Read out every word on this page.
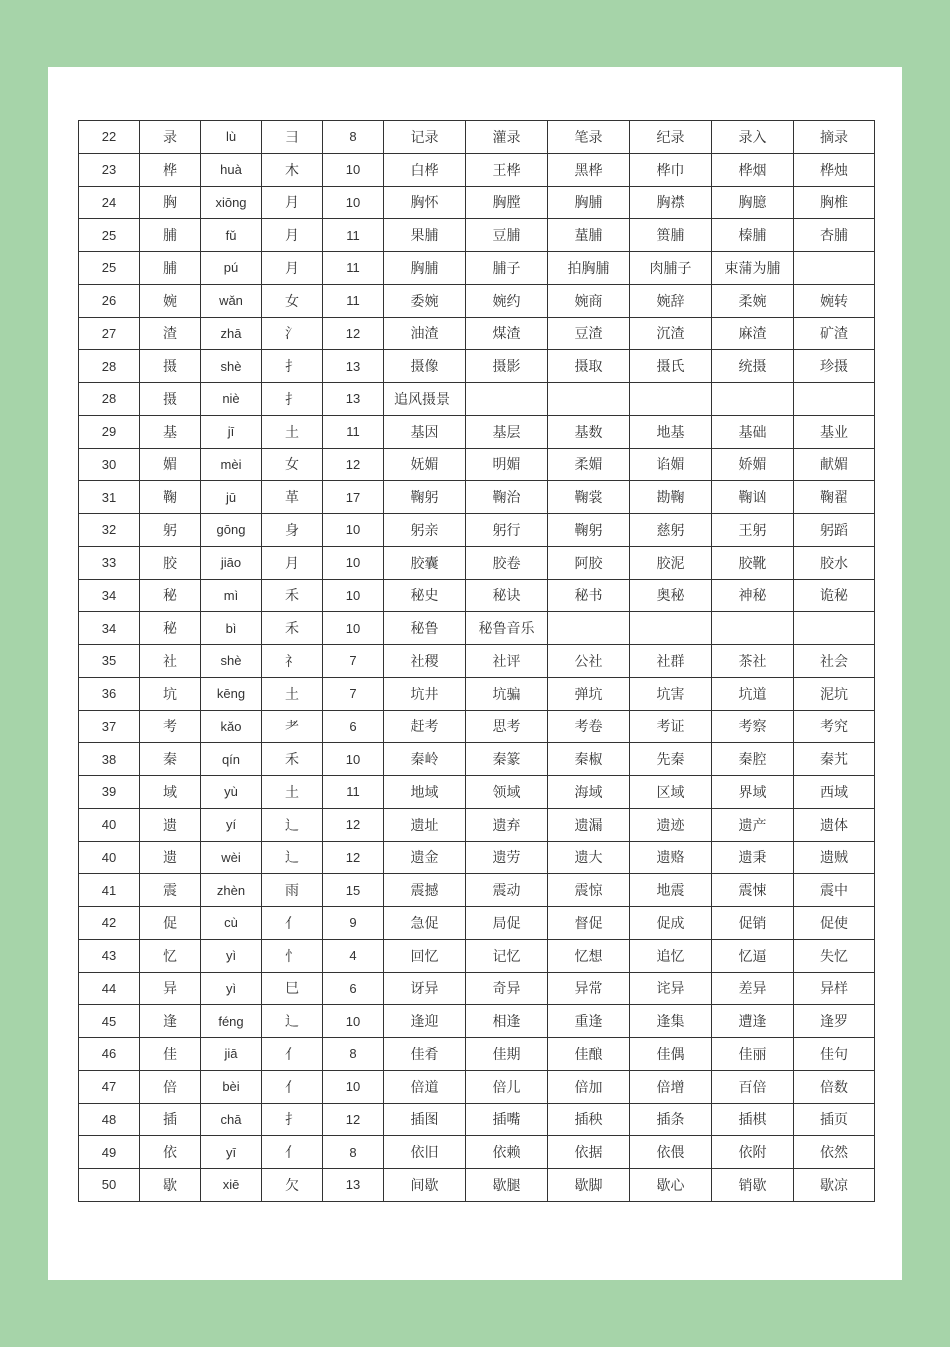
22	录	lù	彐	8	记录	灌录	笔录	纪录	录入	摘录
23	桦	huà	木	10	白桦	王桦	黑桦	桦巾	桦烟	桦烛
24	胸	xiōng	月	10	胸怀	胸膛	胸脯	胸襟	胸臆	胸椎
25	脯	fǔ	月	11	果脯	豆脯	蓳脯	篑脯	榛脯	杏脯
25	脯	pú	月	11	胸脯	脯子	拍胸脯	肉脯子	束蒲为脯	
26	婉	wǎn	女	11	委婉	婉约	婉商	婉辞	柔婉	婉转
27	渣	zhā	氵	12	油渣	煤渣	豆渣	沉渣	麻渣	矿渣
28	摄	shè	扌	13	摄像	摄影	摄取	摄氏	统摄	珍摄
28	摄	niè	扌	13	追风摄景					
29	基	jī	土	11	基因	基层	基数	地基	基础	基业
30	媚	mèi	女	12	妩媚	明媚	柔媚	谄媚	娇媚	献媚
31	鞠	jū	革	17	鞠躬	鞠治	鞠裳	勘鞠	鞠讻	鞠翟
32	躬	gōng	身	10	躬亲	躬行	鞠躬	慈躬	王躬	躬蹈
33	胶	jiāo	月	10	胶囊	胶卷	阿胶	胶泥	胶靴	胶水
34	秘	mì	禾	10	秘史	秘诀	秘书	奥秘	神秘	诡秘
34	秘	bì	禾	10	秘鲁	秘鲁音乐				
35	社	shè	礻	7	社稷	社评	公社	社群	茶社	社会
36	坑	kēng	土	7	坑井	坑骗	弹坑	坑害	坑道	泥坑
37	考	kǎo	耂	6	赶考	思考	考卷	考证	考察	考究
38	秦	qín	禾	10	秦岭	秦篆	秦椒	先秦	秦腔	秦艽
39	域	yù	土	11	地域	领域	海域	区域	界域	西域
40	遗	yí	辶	12	遗址	遗弃	遗漏	遗迹	遗产	遗体
40	遗	wèi	辶	12	遗金	遗劳	遗大	遗赂	遗秉	遗贼
41	震	zhèn	雨	15	震撼	震动	震惊	地震	震悚	震中
42	促	cù	亻	9	急促	局促	督促	促成	促销	促使
43	忆	yì	忄	4	回忆	记忆	忆想	追忆	忆逼	失忆
44	异	yì	巳	6	讶异	奇异	异常	诧异	差异	异样
45	逢	féng	辶	10	逢迎	相逢	重逢	逢集	遭逢	逢罗
46	佳	jiā	亻	8	佳肴	佳期	佳酿	佳偶	佳丽	佳句
47	倍	bèi	亻	10	倍道	倍儿	倍加	倍增	百倍	倍数
48	插	chā	扌	12	插图	插嘴	插秧	插条	插棋	插页
49	依	yī	亻	8	依旧	依赖	依据	依偎	依附	依然
50	歇	xiē	欠	13	间歇	歇腿	歇脚	歇心	销歇	歇凉
